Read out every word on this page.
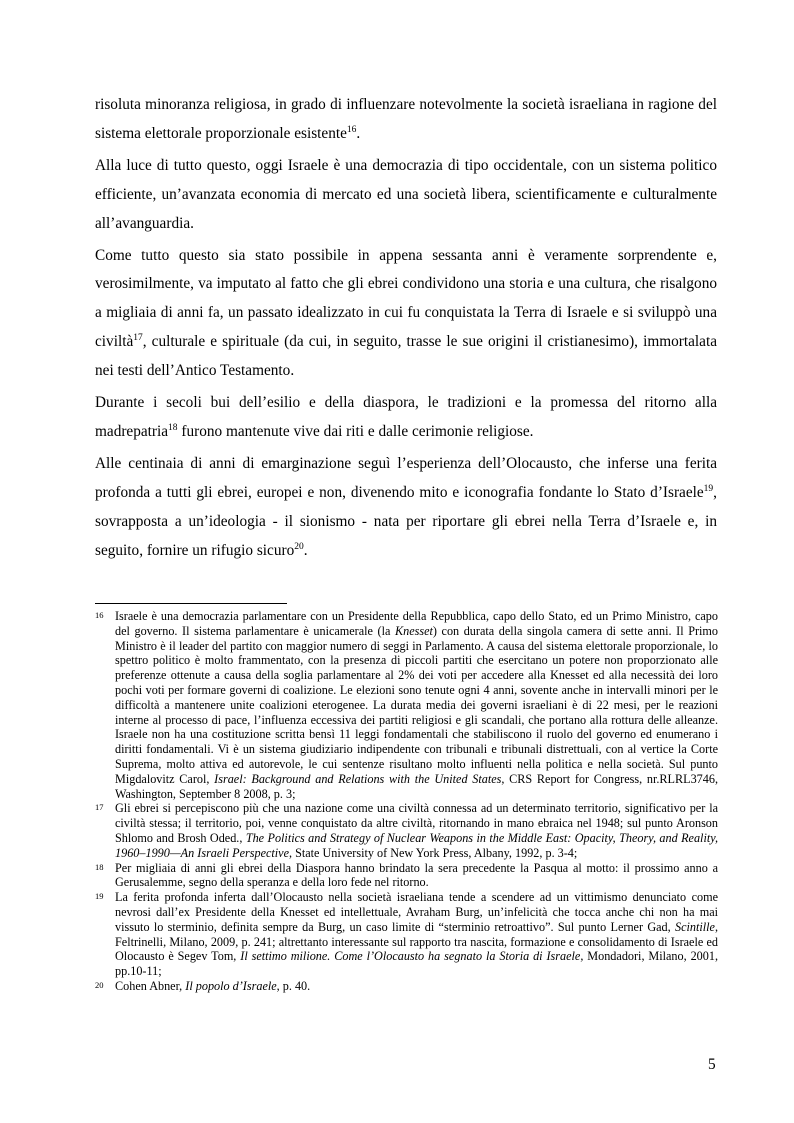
risoluta minoranza religiosa, in grado di influenzare notevolmente la società israeliana in ragione del sistema elettorale proporzionale esistente$^{16}$.

Alla luce di tutto questo, oggi Israele è una democrazia di tipo occidentale, con un sistema politico efficiente, un’avanzata economia di mercato ed una società libera, scientificamente e culturalmente all’avanguardia.

Come tutto questo sia stato possibile in appena sessanta anni è veramente sorprendente e, verosimilmente, va imputato al fatto che gli ebrei condividono una storia e una cultura, che risalgono a migliaia di anni fa, un passato idealizzato in cui fu conquistata la Terra di Israele e si sviluppò una civiltà$^{17}$, culturale e spirituale (da cui, in seguito, trasse le sue origini il cristianesimo), immortalata nei testi dell’Antico Testamento.

Durante i secoli bui dell’esilio e della diaspora, le tradizioni e la promessa del ritorno alla madrepatria$^{18}$ furono mantenute vive dai riti e dalle cerimonie religiose.

Alle centinaia di anni di emarginazione seguì l’esperienza dell’Olocausto, che inferse una ferita profonda a tutti gli ebrei, europei e non, divenendo mito e iconografia fondante lo Stato d’Israele$^{19}$, sovrapposta a un’ideologia - il sionismo - nata per riportare gli ebrei nella Terra d’Israele e, in seguito, fornire un rifugio sicuro$^{20}$.

16 Israele è una democrazia parlamentare con un Presidente della Repubblica, capo dello Stato, ed un Primo Ministro, capo del governo. Il sistema parlamentare è unicamerale (la Knesset) con durata della singola camera di sette anni. Il Primo Ministro è il leader del partito con maggior numero di seggi in Parlamento. A causa del sistema elettorale proporzionale, lo spettro politico è molto frammentato, con la presenza di piccoli partiti che esercitano un potere non proporzionato alle preferenze ottenute a causa della soglia parlamentare al 2% dei voti per accedere alla Knesset ed alla necessità dei loro pochi voti per formare governi di coalizione. Le elezioni sono tenute ogni 4 anni, sovente anche in intervalli minori per le difficoltà a mantenere unite coalizioni eterogenee. La durata media dei governi israeliani è di 22 mesi, per le reazioni interne al processo di pace, l’influenza eccessiva dei partiti religiosi e gli scandali, che portano alla rottura delle alleanze. Israele non ha una costituzione scritta bensì 11 leggi fondamentali che stabiliscono il ruolo del governo ed enumerano i diritti fondamentali. Vi è un sistema giudiziario indipendente con tribunali e tribunali distrettuali, con al vertice la Corte Suprema, molto attiva ed autorevole, le cui sentenze risultano molto influenti nella politica e nella società. Sul punto Migdalovitz Carol, Israel: Background and Relations with the United States, CRS Report for Congress, nr.RLRL3746, Washington, September 8 2008, p. 3;
17 Gli ebrei si percepiscono più che una nazione come una civiltà connessa ad un determinato territorio, significativo per la civiltà stessa; il territorio, poi, venne conquistato da altre civiltà, ritornando in mano ebraica nel 1948; sul punto Aronson Shlomo and Brosh Oded., The Politics and Strategy of Nuclear Weapons in the Middle East: Opacity, Theory, and Reality, 1960–1990—An Israeli Perspective, State University of New York Press, Albany, 1992, p. 3-4;
18 Per migliaia di anni gli ebrei della Diaspora hanno brindato la sera precedente la Pasqua al motto: il prossimo anno a Gerusalemme, segno della speranza e della loro fede nel ritorno.
19 La ferita profonda inferta dall’Olocausto nella società israeliana tende a scendere ad un vittimismo denunciato come nevrosi dall’ex Presidente della Knesset ed intellettuale, Avraham Burg, un’infelicità che tocca anche chi non ha mai vissuto lo sterminio, definita sempre da Burg, un caso limite di “sterminio retroattivo”. Sul punto Lerner Gad, Scintille, Feltrinelli, Milano, 2009, p. 241; altrettanto interessante sul rapporto tra nascita, formazione e consolidamento di Israele ed Olocausto è Segev Tom, Il settimo milione. Come l’Olocausto ha segnato la Storia di Israele, Mondadori, Milano, 2001, pp.10-11;
20 Cohen Abner, Il popolo d’Israele, p. 40.
5
